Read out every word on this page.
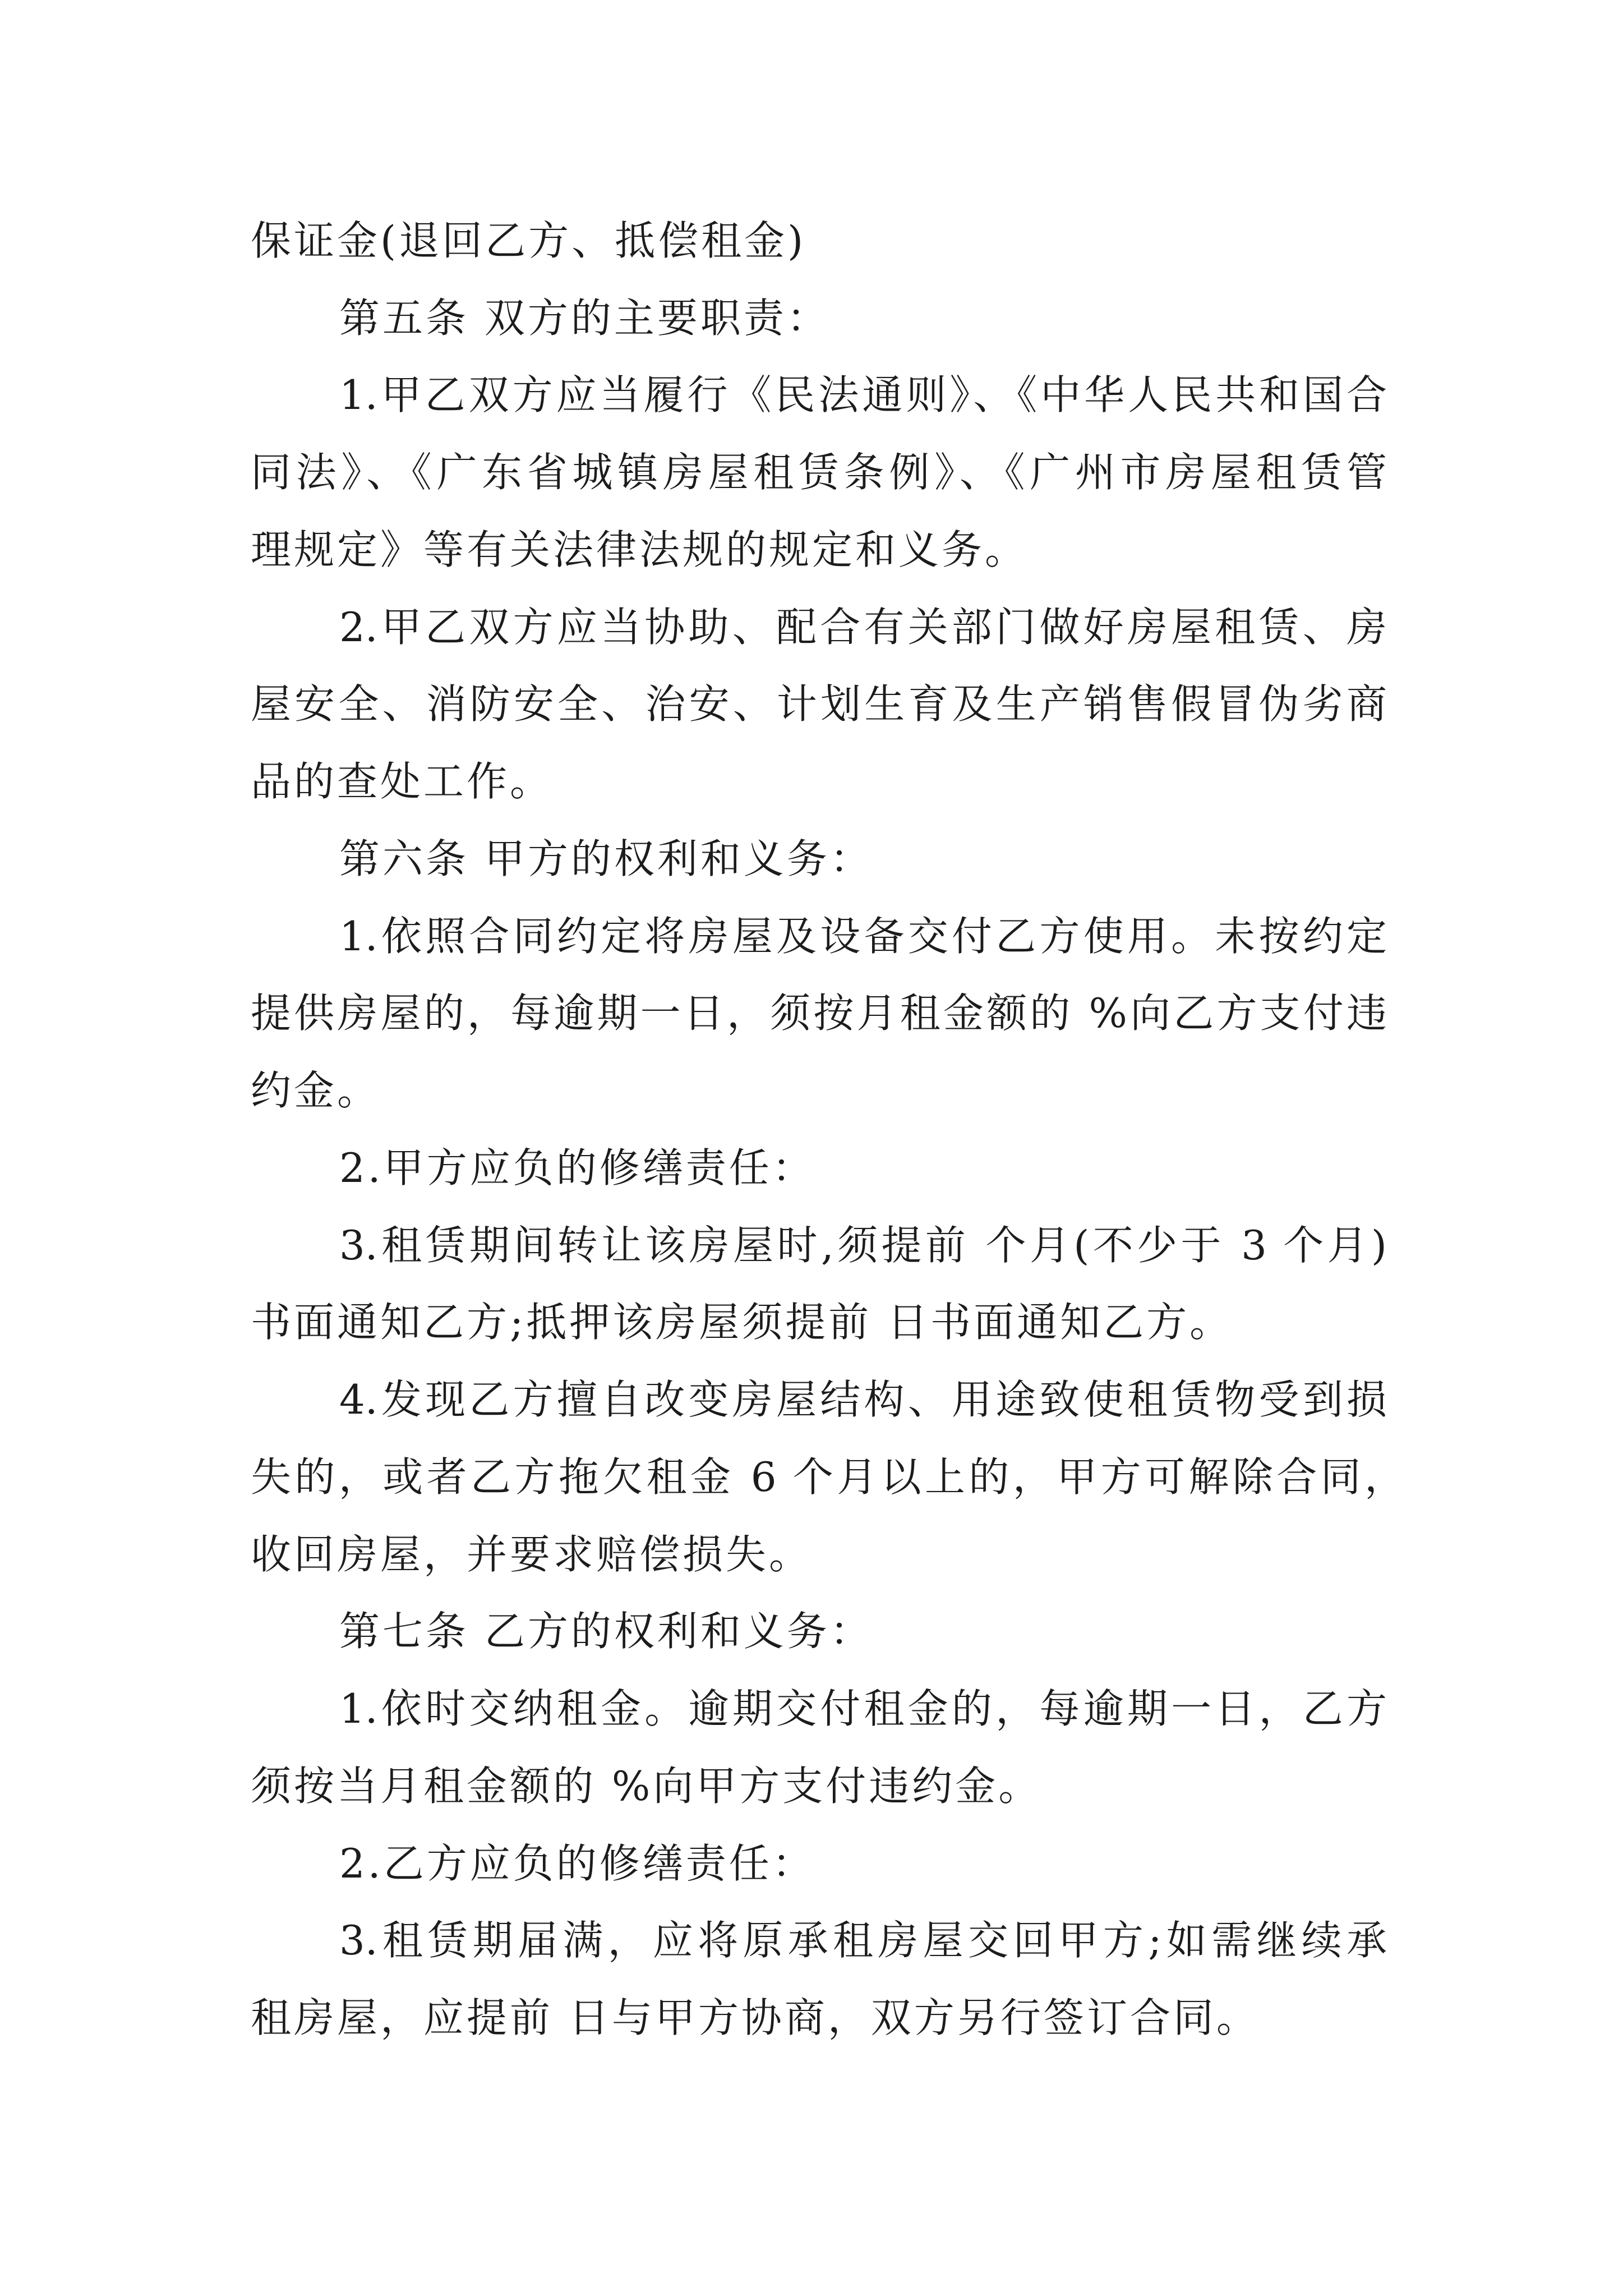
保证金(退回乙方、抵偿租金)
第五条 双方的主要职责：
1.甲乙双方应当履行《民法通则》、《中华人民共和国合
同法》、《广东省城镇房屋租赁条例》、《广州市房屋租赁管
理规定》等有关法律法规的规定和义务。
2.甲乙双方应当协助、配合有关部门做好房屋租赁、房
屋安全、消防安全、治安、计划生育及生产销售假冒伪劣商
品的查处工作。
第六条 甲方的权利和义务：
1.依照合同约定将房屋及设备交付乙方使用。未按约定
提供房屋的，每逾期一日，须按月租金额的 %向乙方支付违
约金。
2.甲方应负的修缮责任：
3.租赁期间转让该房屋时,须提前 个月(不少于 3 个月)
书面通知乙方;抵押该房屋须提前 日书面通知乙方。
4.发现乙方擅自改变房屋结构、用途致使租赁物受到损
失的，或者乙方拖欠租金 6 个月以上的，甲方可解除合同，
收回房屋，并要求赔偿损失。
第七条 乙方的权利和义务：
1.依时交纳租金。逾期交付租金的，每逾期一日，乙方
须按当月租金额的 %向甲方支付违约金。
2.乙方应负的修缮责任：
3.租赁期届满，应将原承租房屋交回甲方;如需继续承
租房屋，应提前 日与甲方协商，双方另行签订合同。
